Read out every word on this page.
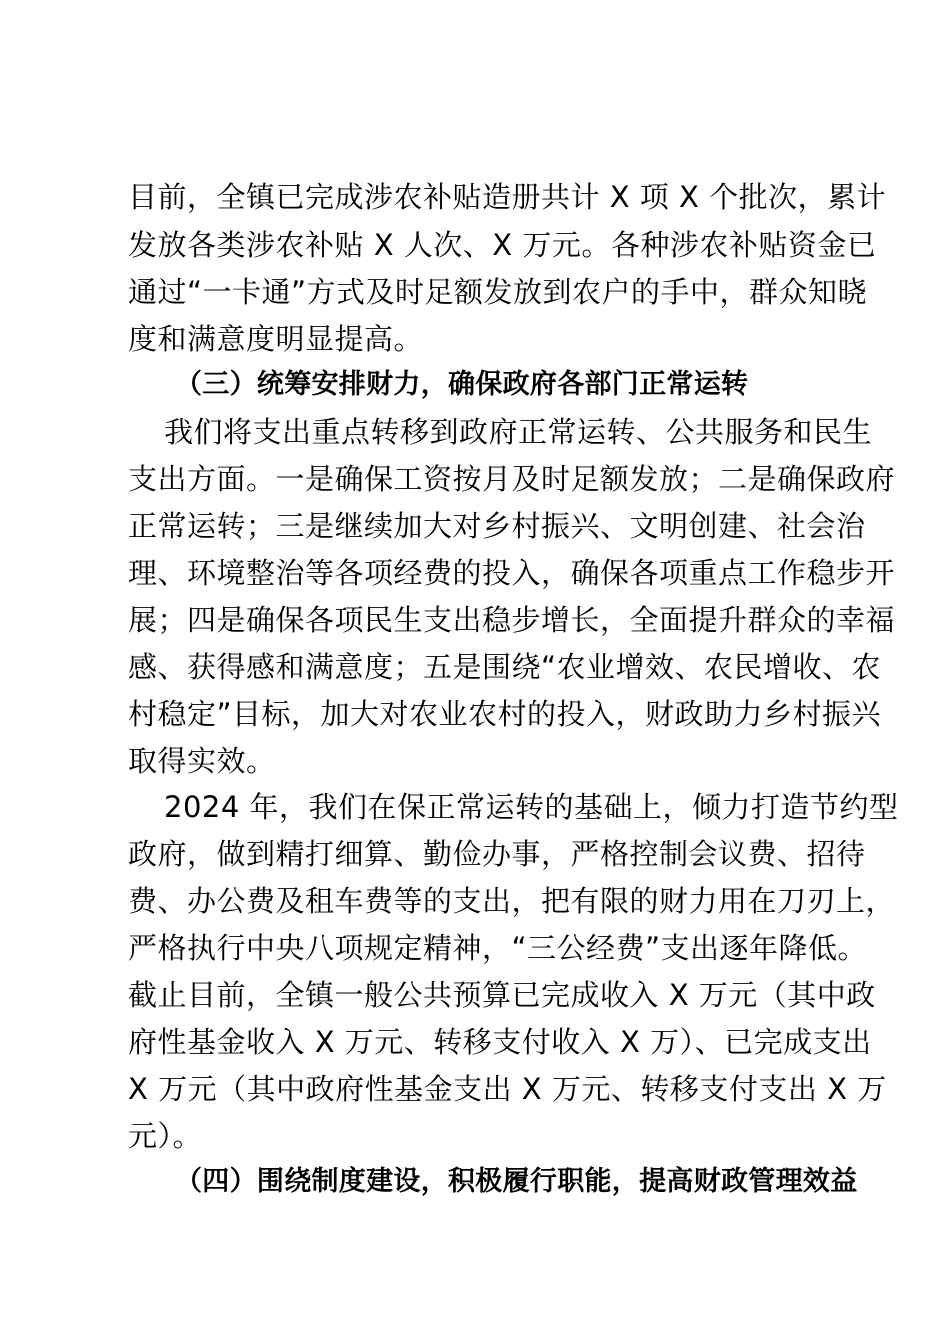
目前，全镇已完成涉农补贴造册共计 X 项 X 个批次，累计
发放各类涉农补贴 X 人次、X 万元。各种涉农补贴资金已
通过“一卡通”方式及时足额发放到农户的手中，群众知晓
度和满意度明显提高。
（三）统筹安排财力，确保政府各部门正常运转
我们将支出重点转移到政府正常运转、公共服务和民生
支出方面。一是确保工资按月及时足额发放；二是确保政府
正常运转；三是继续加大对乡村振兴、文明创建、社会治
理、环境整治等各项经费的投入，确保各项重点工作稳步开
展；四是确保各项民生支出稳步增长，全面提升群众的幸福
感、获得感和满意度；五是围绕“农业增效、农民增收、农
村稳定”目标，加大对农业农村的投入，财政助力乡村振兴
取得实效。
2024 年，我们在保正常运转的基础上，倾力打造节约型
政府，做到精打细算、勤俭办事，严格控制会议费、招待
费、办公费及租车费等的支出，把有限的财力用在刀刃上，
严格执行中央八项规定精神，“三公经费”支出逐年降低。
截止目前，全镇一般公共预算已完成收入 X 万元（其中政
府性基金收入 X 万元、转移支付收入 X 万）、已完成支出
X 万元（其中政府性基金支出 X 万元、转移支付支出 X 万
元）。
（四）围绕制度建设，积极履行职能，提高财政管理效益
